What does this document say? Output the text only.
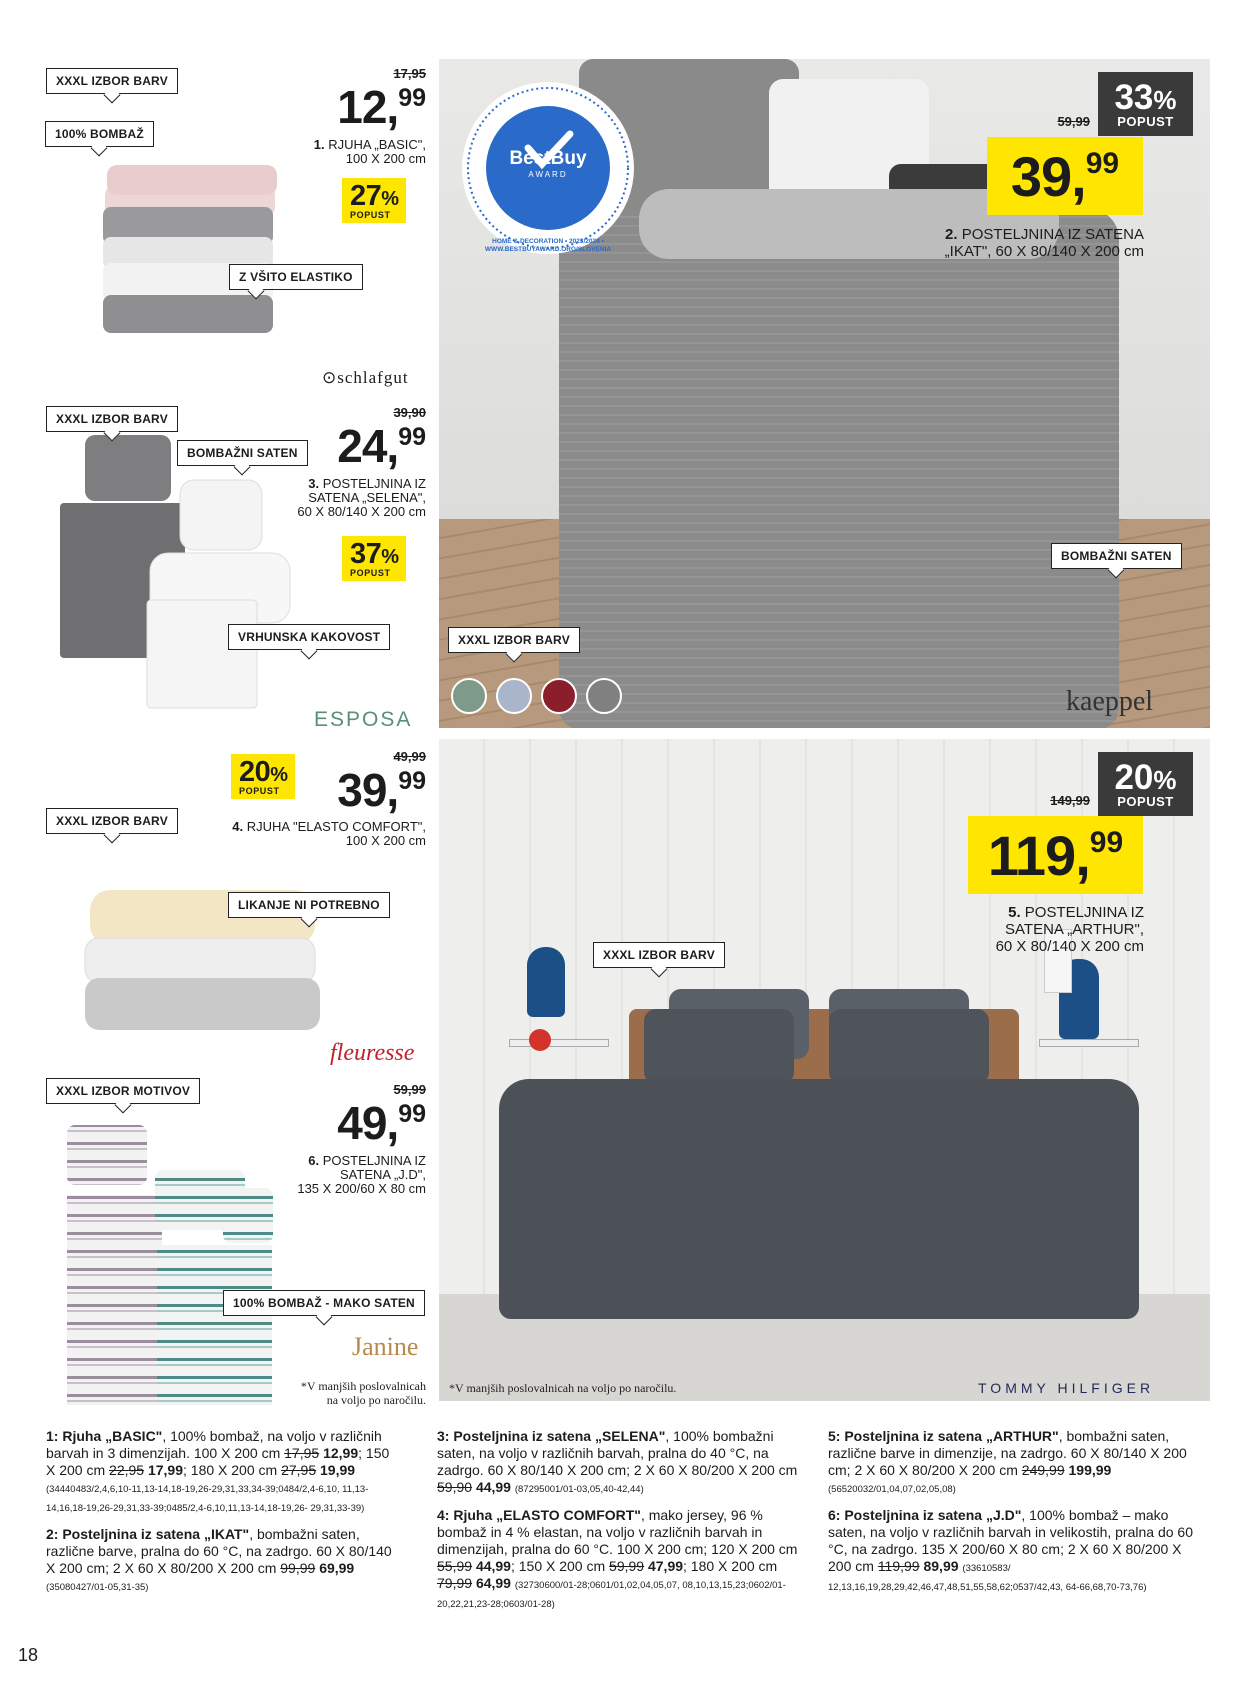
XXXL IZBOR BARV
100% BOMBAŽ
Z VŠITO ELASTIKO
17,95
12,99
1. RJUHA „BASIC",
100 X 200 cm
27%
POPUST
⊙schlafgut
XXXL IZBOR BARV
BOMBAŽNI SATEN
VRHUNSKA KAKOVOST
39,90
24,99
3. POSTELJNINA IZ
SATENA „SELENA",
60 X 80/140 X 200 cm
37%
POPUST
ESPOSA
BestBuy
AWARD
HOME & DECORATION • 2023/2024 • WWW.BESTBUYAWARD.ORG/SLOVENIA
33%
POPUST
59,99
39,99
2. POSTELJNINA IZ SATENA
„IKAT", 60 X 80/140 X 200 cm
BOMBAŽNI SATEN
XXXL IZBOR BARV
kaeppel
20%
POPUST
49,99
39,99
4. RJUHA "ELASTO COMFORT",
100 X 200 cm
XXXL IZBOR BARV
LIKANJE NI POTREBNO
fleuresse
20%
POPUST
149,99
119,99
5. POSTELJNINA IZ
SATENA „ARTHUR",
60 X 80/140 X 200 cm
XXXL IZBOR BARV
TOMMY HILFIGER
*V manjših poslovalnicah na voljo po naročilu.
XXXL IZBOR MOTIVOV	59,99
49,99
6. POSTELJNINA IZ
SATENA „J.D",
135 X 200/60 X 80 cm
100% BOMBAŽ - MAKO SATEN
Janine
*V manjših poslovalnicah
na voljo po naročilu.

1: Rjuha „BASIC", 100% bombaž, na voljo v različnih barvah in 3 dimenzijah. 100 X 200 cm 17,95 12,99; 150 X 200 cm 22,95 17,99; 180 X 200 cm 27,95 19,99 (34440483/2,4,6,10-11,13-14,18-19,26-29,31,33,34-39;0484/2,4-6,10, 11,13-14,16,18-19,26-29,31,33-39;0485/2,4-6,10,11,13-14,18-19,26- 29,31,33-39)

2: Posteljnina iz satena „IKAT", bombažni saten, različne barve, pralna do 60 °C, na zadrgo. 60 X 80/140 X 200 cm; 2 X 60 X 80/200 X 200 cm 99,99 69,99 (35080427/01-05,31-35)

3: Posteljnina iz satena „SELENA", 100% bombažni saten, na voljo v različnih barvah, pralna do 40 °C, na zadrgo. 60 X 80/140 X 200 cm; 2 X 60 X 80/200 X 200 cm 59,90 44,99 (87295001/01-03,05,40-42,44)

4: Rjuha „ELASTO COMFORT", mako jersey, 96 % bombaž in 4 % elastan, na voljo v različnih barvah in dimenzijah, pralna do 60 °C. 100 X 200 cm; 120 X 200 cm 55,99 44,99; 150 X 200 cm 59,99 47,99; 180 X 200 cm 79,99 64,99 (32730600/01-28;0601/01,02,04,05,07, 08,10,13,15,23;0602/01-20,22,21,23-28;0603/01-28)

5: Posteljnina iz satena „ARTHUR", bombažni saten, različne barve in dimenzije, na zadrgo. 60 X 80/140 X 200 cm; 2 X 60 X 80/200 X 200 cm 249,99 199,99 (56520032/01,04,07,02,05,08)

6: Posteljnina iz satena „J.D", 100% bombaž – mako saten, na voljo v različnih barvah in velikostih, pralna do 60 °C, na zadrgo. 135 X 200/60 X 80 cm; 2 X 60 X 80/200 X 200 cm 119,99 89,99 (33610583/ 12,13,16,19,28,29,42,46,47,48,51,55,58,62;0537/42,43, 64-66,68,70-73,76)

18
